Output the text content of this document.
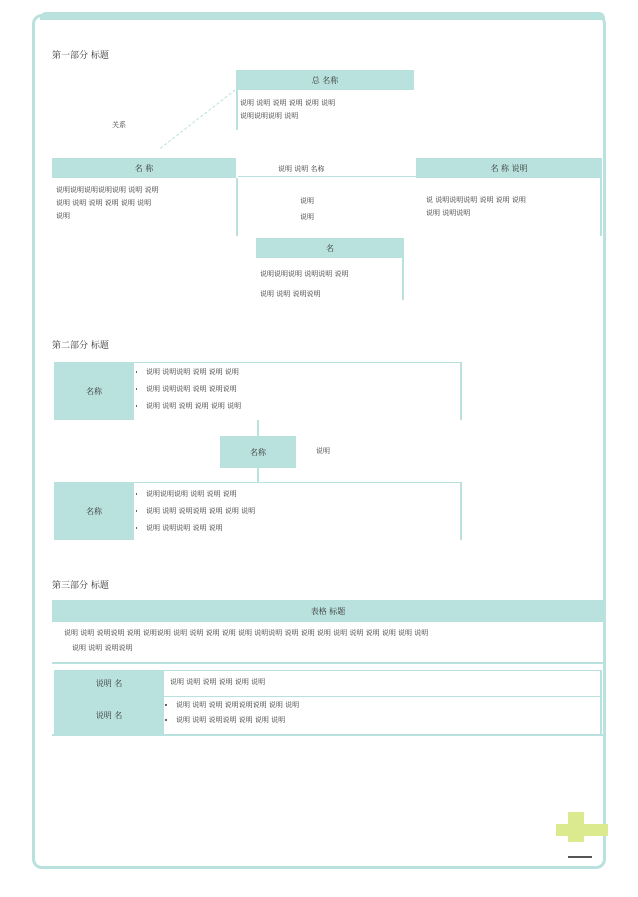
第一部分 标题
总 名称
说明 说明 说明 说明 说明 说明
说明说明说明 说明
关系
名 称
说明说明说明说明说明 说明 说明
说明 说明 说明 说明 说明 说明
说明
说明 说明 名称
说明
说明
名 称 说明
说 说明说明说明 说明 说明 说明
说明 说明说明
名
说明说明说明 说明说明 说明
说明 说明 说明说明
第二部分 标题
名称
• 说明 说明说明 说明 说明 说明
• 说明 说明说明 说明 说明说明
• 说明 说明 说明 说明 说明 说明
名称	说明
名称
• 说明说明说明 说明 说明 说明
• 说明 说明 说明说明 说明 说明 说明
• 说明 说明说明 说明 说明
第三部分 标题
表格 标题
• 说明 说明 说明说明 说明 说明说明 说明 说明 说明 说明 说明 说明说明 说明 说明 说明 说明 说明 说明 说明 说明 说明
说明 说明 说明说明
说明 名	说明 说明 说明 说明 说明 说明
说明 名
• 说明 说明 说明 说明说明说明 说明 说明
• 说明 说明 说明说明 说明 说明 说明
